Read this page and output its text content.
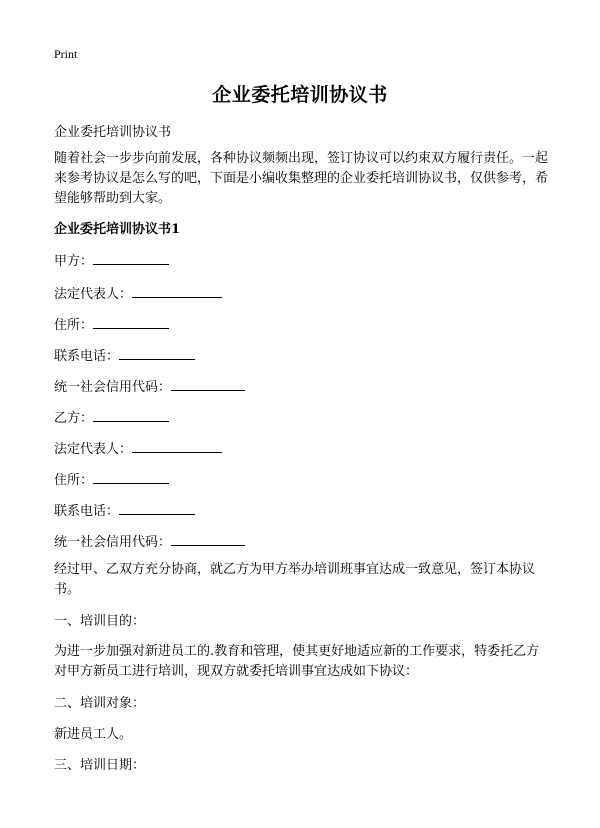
Print
企业委托培训协议书
企业委托培训协议书
随着社会一步步向前发展，各种协议频频出现，签订协议可以约束双方履行责任。一起来参考协议是怎么写的吧，下面是小编收集整理的企业委托培训协议书，仅供参考，希望能够帮助到大家。
企业委托培训协议书1
甲方：
法定代表人：
住所：
联系电话：
统一社会信用代码：
乙方：
法定代表人：
住所：
联系电话：
统一社会信用代码：
经过甲、乙双方充分协商，就乙方为甲方举办培训班事宜达成一致意见，签订本协议书。
一、培训目的：
为进一步加强对新进员工的.教育和管理，使其更好地适应新的工作要求，特委托乙方对甲方新员工进行培训，现双方就委托培训事宜达成如下协议：
二、培训对象：
新进员工人。
三、培训日期：
